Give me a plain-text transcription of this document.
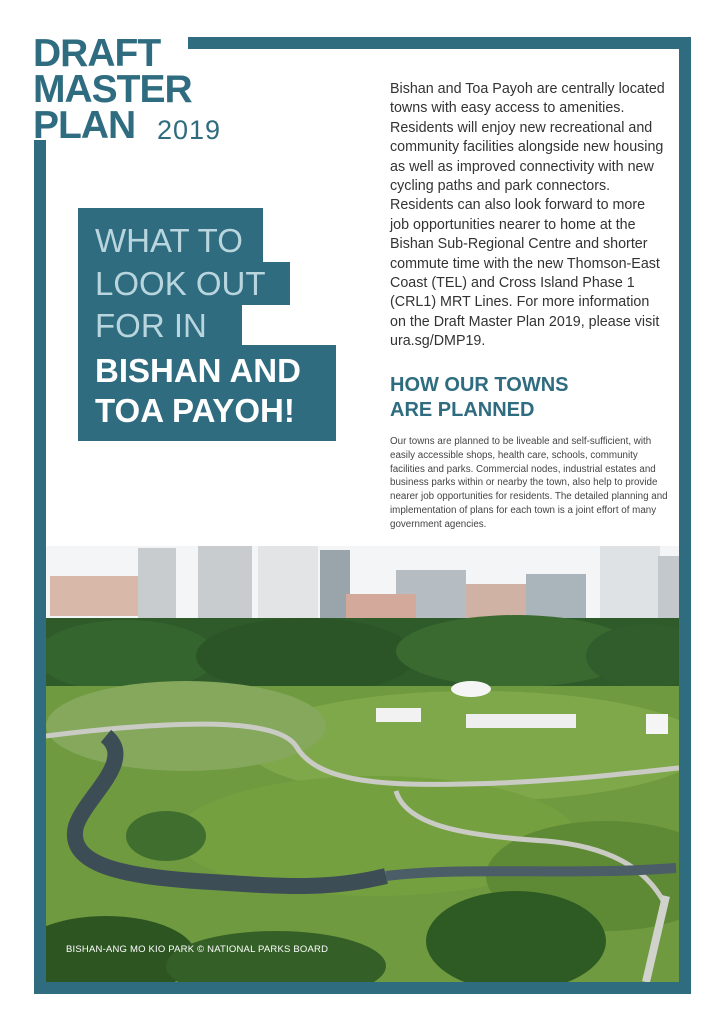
DRAFT
MASTER
PLAN 2019
WHAT TO
LOOK OUT
FOR IN
BISHAN AND
TOA PAYOH!
Bishan and Toa Payoh are centrally located towns with easy access to amenities. Residents will enjoy new recreational and community facilities alongside new housing as well as improved connectivity with new cycling paths and park connectors. Residents can also look forward to more job opportunities nearer to home at the Bishan Sub-Regional Centre and shorter commute time with the new Thomson-East Coast (TEL) and Cross Island Phase 1 (CRL1) MRT Lines. For more information on the Draft Master Plan 2019, please visit ura.sg/DMP19.
HOW OUR TOWNS
ARE PLANNED
Our towns are planned to be liveable and self-sufficient, with easily accessible shops, health care, schools, community facilities and parks. Commercial nodes, industrial estates and business parks within or nearby the town, also help to provide nearer job opportunities for residents. The detailed planning and implementation of plans for each town is a joint effort of many government agencies.
BISHAN-ANG MO KIO PARK © NATIONAL PARKS BOARD
